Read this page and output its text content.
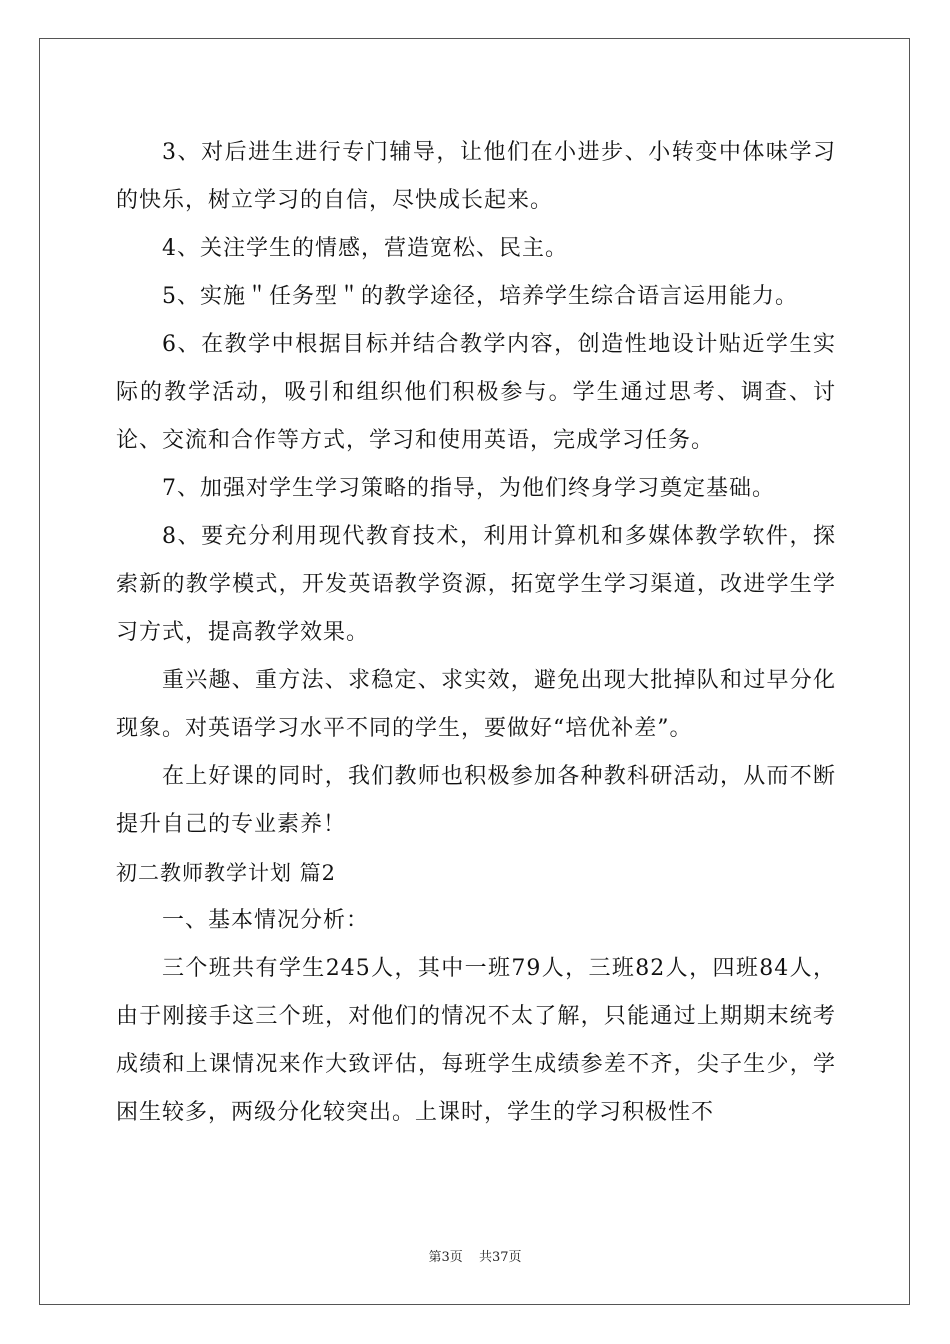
3、对后进生进行专门辅导，让他们在小进步、小转变中体味学习的快乐，树立学习的自信，尽快成长起来。

4、关注学生的情感，营造宽松、民主。

5、实施＂任务型＂的教学途径，培养学生综合语言运用能力。

6、在教学中根据目标并结合教学内容，创造性地设计贴近学生实际的教学活动，吸引和组织他们积极参与。学生通过思考、调查、讨论、交流和合作等方式，学习和使用英语，完成学习任务。

7、加强对学生学习策略的指导，为他们终身学习奠定基础。

8、要充分利用现代教育技术，利用计算机和多媒体教学软件，探索新的教学模式，开发英语教学资源，拓宽学生学习渠道，改进学生学习方式，提高教学效果。

重兴趣、重方法、求稳定、求实效，避免出现大批掉队和过早分化现象。对英语学习水平不同的学生，要做好“培优补差”。

在上好课的同时，我们教师也积极参加各种教科研活动，从而不断提升自己的专业素养！

初二教师教学计划 篇2

一、基本情况分析：

三个班共有学生245人，其中一班79人，三班82人，四班84人，由于刚接手这三个班，对他们的情况不太了解，只能通过上期期末统考成绩和上课情况来作大致评估，每班学生成绩参差不齐，尖子生少，学困生较多，两级分化较突出。上课时，学生的学习积极性不

第3页 共37页
